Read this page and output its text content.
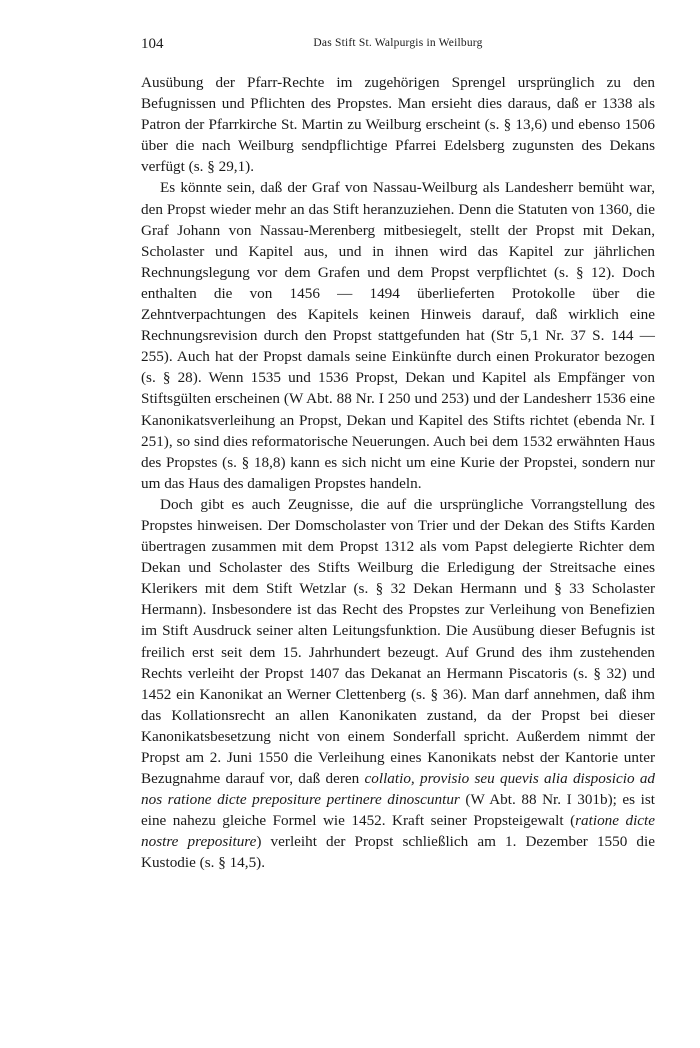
104	Das Stift St. Walpurgis in Weilburg

Ausübung der Pfarr-Rechte im zugehörigen Sprengel ursprünglich zu den Befugnissen und Pflichten des Propstes. Man ersieht dies daraus, daß er 1338 als Patron der Pfarrkirche St. Martin zu Weilburg erscheint (s. § 13,6) und ebenso 1506 über die nach Weilburg sendpflichtige Pfarrei Edelsberg zugunsten des Dekans verfügt (s. § 29,1).

Es könnte sein, daß der Graf von Nassau-Weilburg als Landesherr bemüht war, den Propst wieder mehr an das Stift heranzuziehen. Denn die Statuten von 1360, die Graf Johann von Nassau-Merenberg mitbesiegelt, stellt der Propst mit Dekan, Scholaster und Kapitel aus, und in ihnen wird das Kapitel zur jährlichen Rechnungslegung vor dem Grafen und dem Propst verpflichtet (s. § 12). Doch enthalten die von 1456 — 1494 überlieferten Protokolle über die Zehntverpachtungen des Kapitels keinen Hinweis darauf, daß wirklich eine Rechnungsrevision durch den Propst stattgefunden hat (Str 5,1 Nr. 37 S. 144 — 255). Auch hat der Propst damals seine Einkünfte durch einen Prokurator bezogen (s. § 28). Wenn 1535 und 1536 Propst, Dekan und Kapitel als Empfänger von Stiftsgülten erscheinen (W Abt. 88 Nr. I 250 und 253) und der Landesherr 1536 eine Kanonikatsverleihung an Propst, Dekan und Kapitel des Stifts richtet (ebenda Nr. I 251), so sind dies reformatorische Neuerungen. Auch bei dem 1532 erwähnten Haus des Propstes (s. § 18,8) kann es sich nicht um eine Kurie der Propstei, sondern nur um das Haus des damaligen Propstes handeln.

Doch gibt es auch Zeugnisse, die auf die ursprüngliche Vorrangstellung des Propstes hinweisen. Der Domscholaster von Trier und der Dekan des Stifts Karden übertragen zusammen mit dem Propst 1312 als vom Papst delegierte Richter dem Dekan und Scholaster des Stifts Weilburg die Erledigung der Streitsache eines Klerikers mit dem Stift Wetzlar (s. § 32 Dekan Hermann und § 33 Scholaster Hermann). Insbesondere ist das Recht des Propstes zur Verleihung von Benefizien im Stift Ausdruck seiner alten Leitungsfunktion. Die Ausübung dieser Befugnis ist freilich erst seit dem 15. Jahrhundert bezeugt. Auf Grund des ihm zustehenden Rechts verleiht der Propst 1407 das Dekanat an Hermann Piscatoris (s. § 32) und 1452 ein Kanonikat an Werner Clettenberg (s. § 36). Man darf annehmen, daß ihm das Kollationsrecht an allen Kanonikaten zustand, da der Propst bei dieser Kanonikatsbesetzung nicht von einem Sonderfall spricht. Außerdem nimmt der Propst am 2. Juni 1550 die Verleihung eines Kanonikats nebst der Kantorie unter Bezugnahme darauf vor, daß deren collatio, provisio seu quevis alia disposicio ad nos ratione dicte prepositure pertinere dinoscuntur (W Abt. 88 Nr. I 301b); es ist eine nahezu gleiche Formel wie 1452. Kraft seiner Propsteigewalt (ratione dicte nostre prepositure) verleiht der Propst schließlich am 1. Dezember 1550 die Kustodie (s. § 14,5).
